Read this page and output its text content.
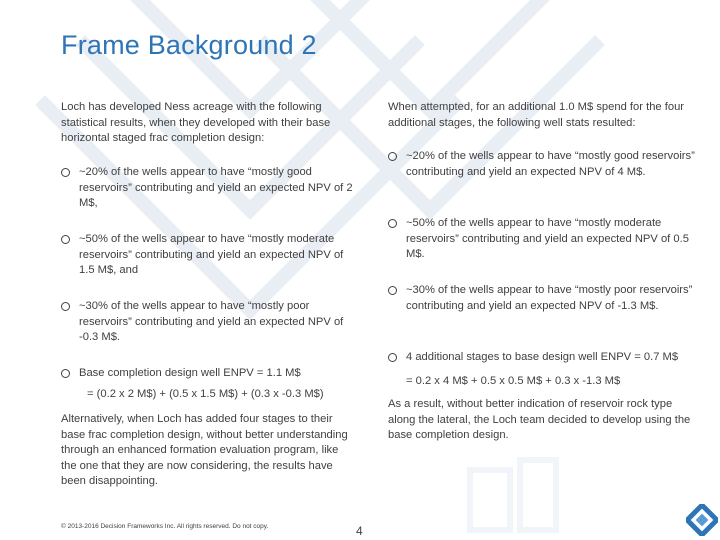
Frame Background 2

Loch has developed Ness acreage with the following statistical results, when they developed with their base horizontal staged frac completion design:

~20% of the wells appear to have “mostly good reservoirs” contributing and yield an expected NPV of 2 M$,
~50% of the wells appear to have “mostly moderate reservoirs” contributing and yield an expected NPV of 1.5 M$, and
~30% of the wells appear to have “mostly poor reservoirs” contributing and yield an expected NPV of -0.3 M$.
Base completion design well ENPV = 1.1 M$
= (0.2 x 2 M$) + (0.5 x 1.5 M$) + (0.3 x -0.3 M$)

Alternatively, when Loch has added four stages to their base frac completion design, without better understanding through an enhanced formation evaluation program, like the one that they are now considering, the results have been disappointing.

When attempted, for an additional 1.0 M$ spend for the four additional stages, the following well stats resulted:

~20% of the wells appear to have “mostly good reservoirs” contributing and yield an expected NPV of 4 M$.
~50% of the wells appear to have “mostly moderate reservoirs” contributing and yield an expected NPV of 0.5 M$.
~30% of the wells appear to have “mostly poor reservoirs” contributing and yield an expected NPV of -1.3 M$.
4 additional stages to base design well ENPV = 0.7 M$
= 0.2 x 4 M$ + 0.5 x 0.5 M$ + 0.3 x -1.3 M$

As a result, without better indication of reservoir rock type along the lateral, the Loch team decided to develop using the base completion design.

© 2013-2016 Decision Frameworks Inc. All rights reserved. Do not copy.	4
